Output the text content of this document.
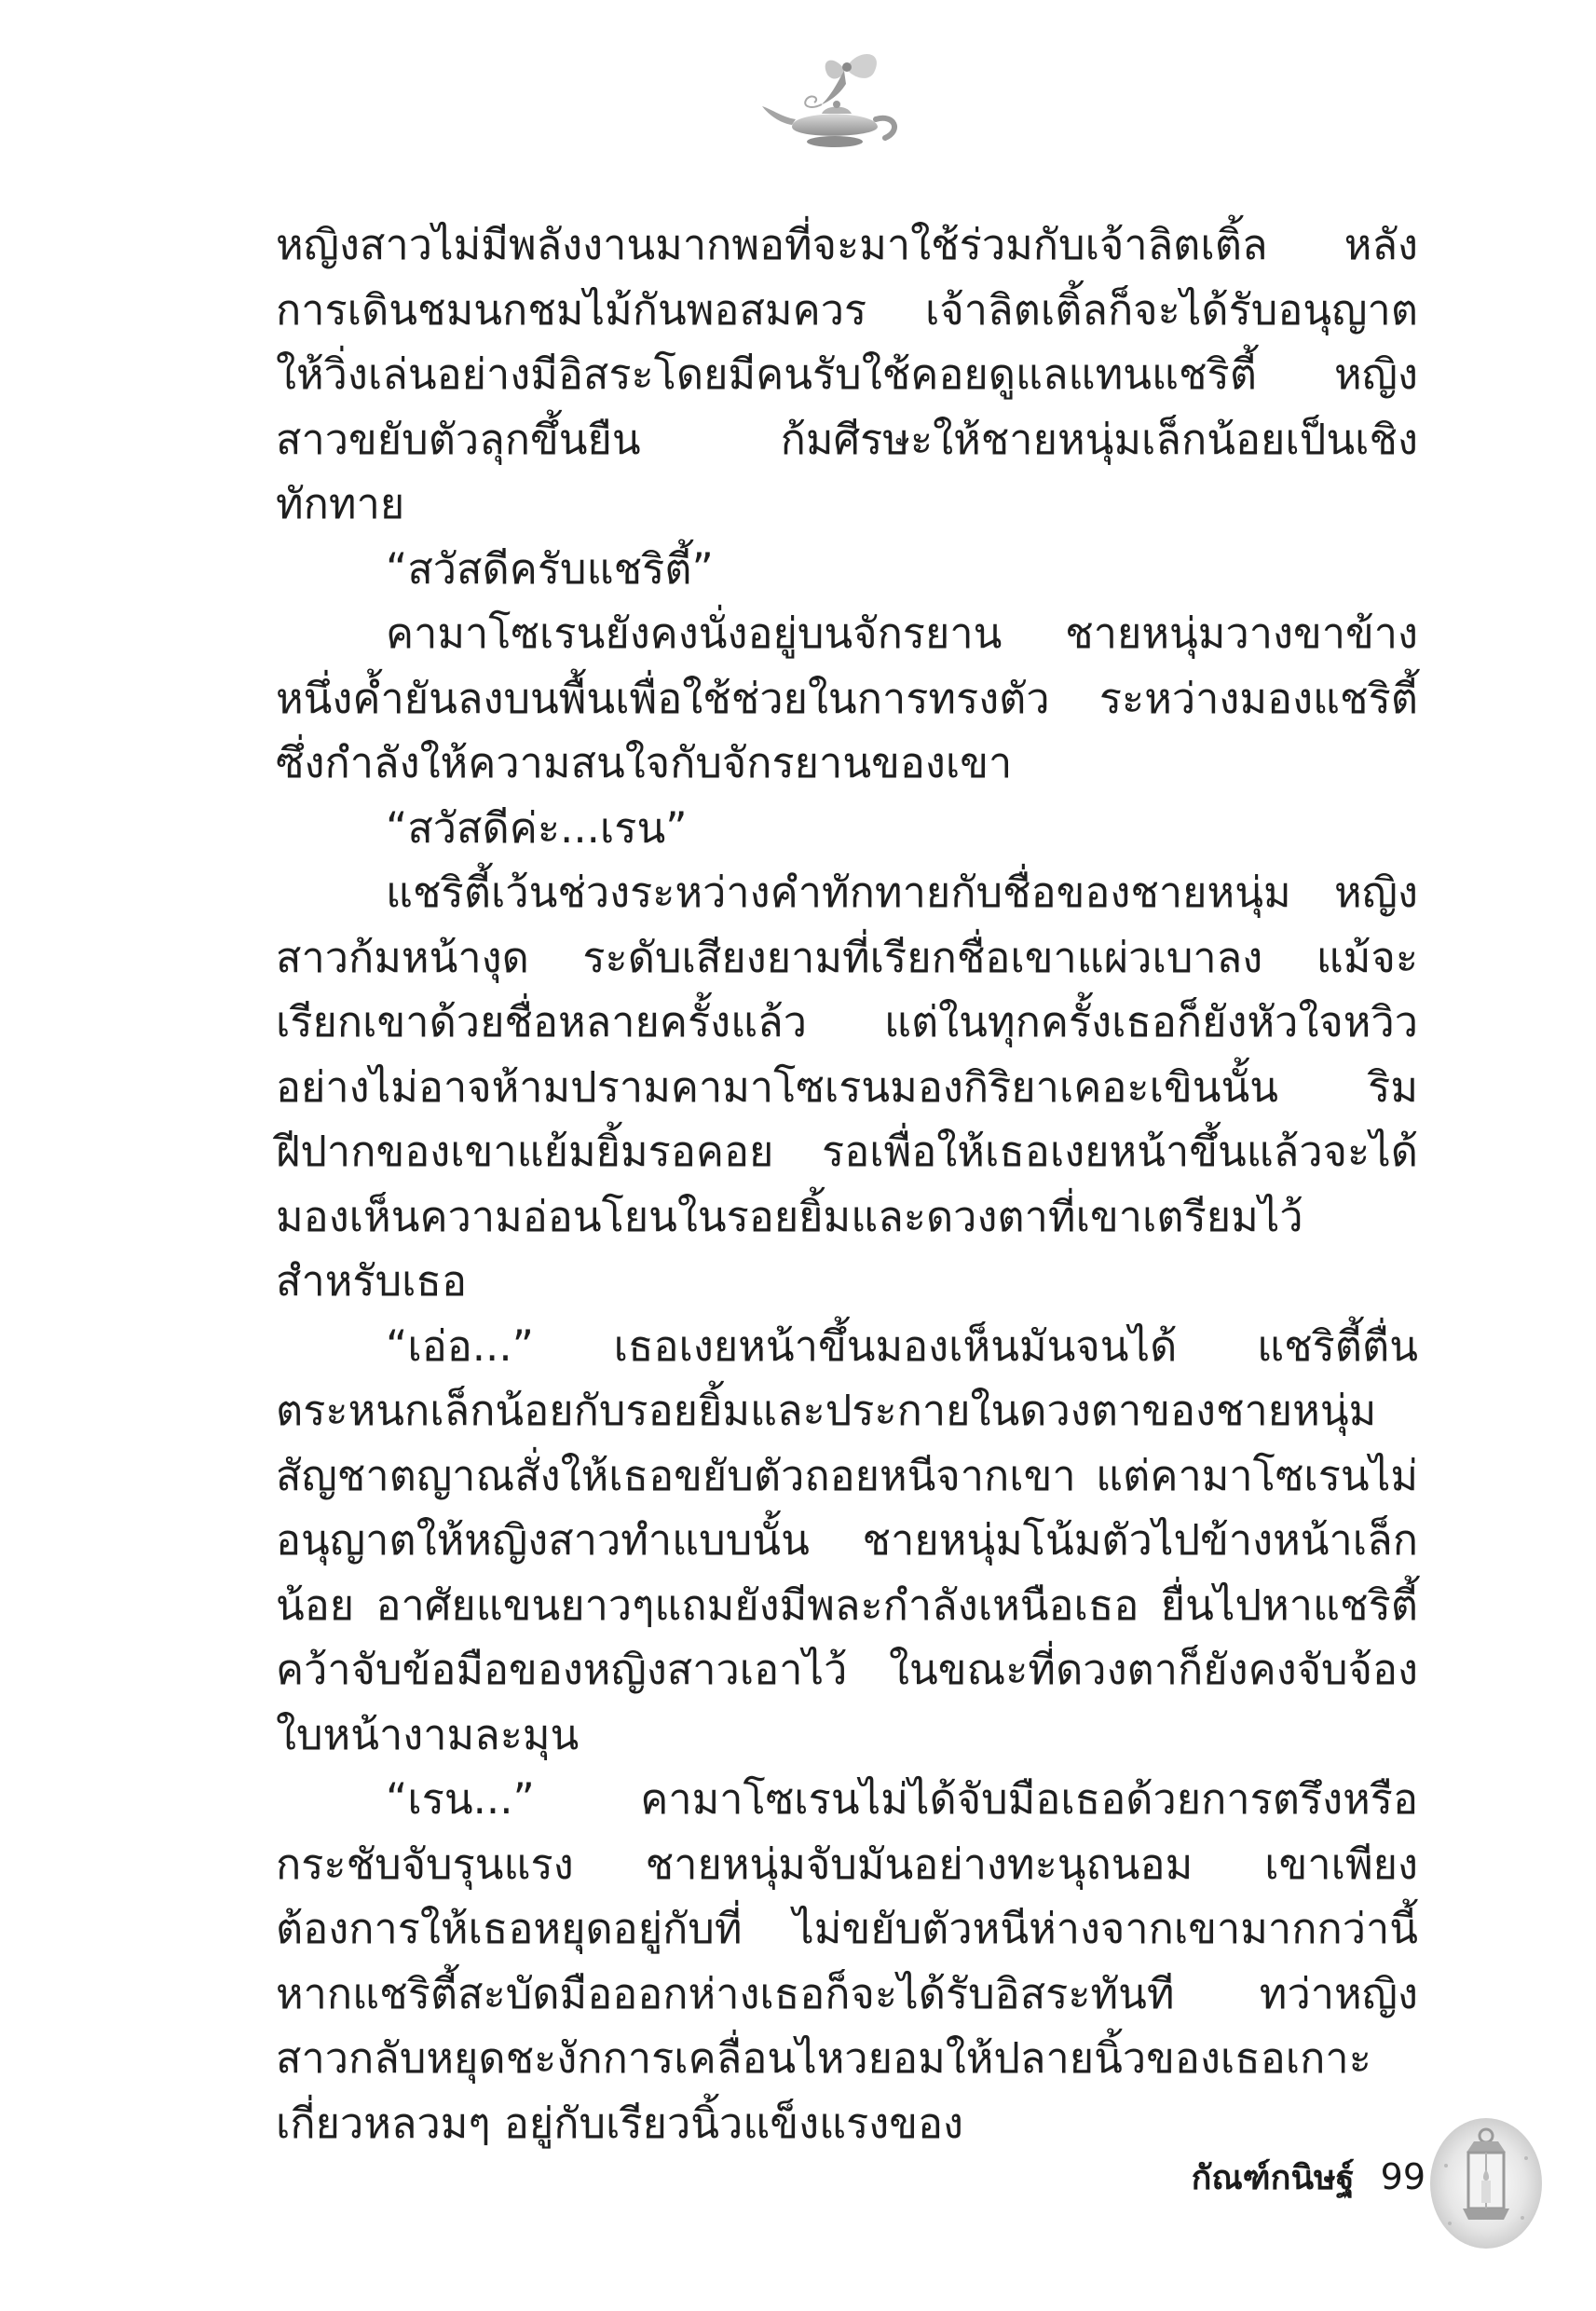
หญิงสาวไม่มีพลังงานมากพอที่จะมาใช้ร่วมกับเจ้าลิตเติ้ล หลังการเดินชมนกชมไม้กันพอสมควร เจ้าลิตเติ้ลก็จะได้รับอนุญาตให้วิ่งเล่นอย่างมีอิสระโดยมีคนรับใช้คอยดูแลแทนแชริตี้ หญิงสาวขยับตัวลุกขึ้นยืน ก้มศีรษะให้ชายหนุ่มเล็กน้อยเป็นเชิงทักทาย

“สวัสดีครับแชริตี้”

คามาโซเรนยังคงนั่งอยู่บนจักรยาน ชายหนุ่มวางขาข้างหนึ่งค้ำยันลงบนพื้นเพื่อใช้ช่วยในการทรงตัว ระหว่างมองแชริตี้ซึ่งกำลังให้ความสนใจกับจักรยานของเขา

“สวัสดีค่ะ...เรน”

แชริตี้เว้นช่วงระหว่างคำทักทายกับชื่อของชายหนุ่ม หญิงสาวก้มหน้างุด ระดับเสียงยามที่เรียกชื่อเขาแผ่วเบาลง แม้จะเรียกเขาด้วยชื่อหลายครั้งแล้ว แต่ในทุกครั้งเธอก็ยังหัวใจหวิวอย่างไม่อาจห้ามปรามคามาโซเรนมองกิริยาเคอะเขินนั้น ริมฝีปากของเขาแย้มยิ้มรอคอย รอเพื่อให้เธอเงยหน้าขึ้นแล้วจะได้มองเห็นความอ่อนโยนในรอยยิ้มและดวงตาที่เขาเตรียมไว้สำหรับเธอ

“เอ่อ...” เธอเงยหน้าขึ้นมองเห็นมันจนได้ แชริตี้ตื่นตระหนกเล็กน้อยกับรอยยิ้มและประกายในดวงตาของชายหนุ่ม สัญชาตญาณสั่งให้เธอขยับตัวถอยหนีจากเขา แต่คามาโซเรนไม่อนุญาตให้หญิงสาวทำแบบนั้น ชายหนุ่มโน้มตัวไปข้างหน้าเล็กน้อย อาศัยแขนยาวๆแถมยังมีพละกำลังเหนือเธอ ยื่นไปหาแชริตี้ คว้าจับข้อมือของหญิงสาวเอาไว้ ในขณะที่ดวงตาก็ยังคงจับจ้องใบหน้างามละมุน

“เรน...” คามาโซเรนไม่ได้จับมือเธอด้วยการตรึงหรือกระชับจับรุนแรง ชายหนุ่มจับมันอย่างทะนุถนอม เขาเพียงต้องการให้เธอหยุดอยู่กับที่ ไม่ขยับตัวหนีห่างจากเขามากกว่านี้ หากแชริตี้สะบัดมือออกห่างเธอก็จะได้รับอิสระทันที ทว่าหญิงสาวกลับหยุดชะงักการเคลื่อนไหวยอมให้ปลายนิ้วของเธอเกาะเกี่ยวหลวมๆ อยู่กับเรียวนิ้วแข็งแรงของ

กัณฑ์กนิษฐ์ 99
